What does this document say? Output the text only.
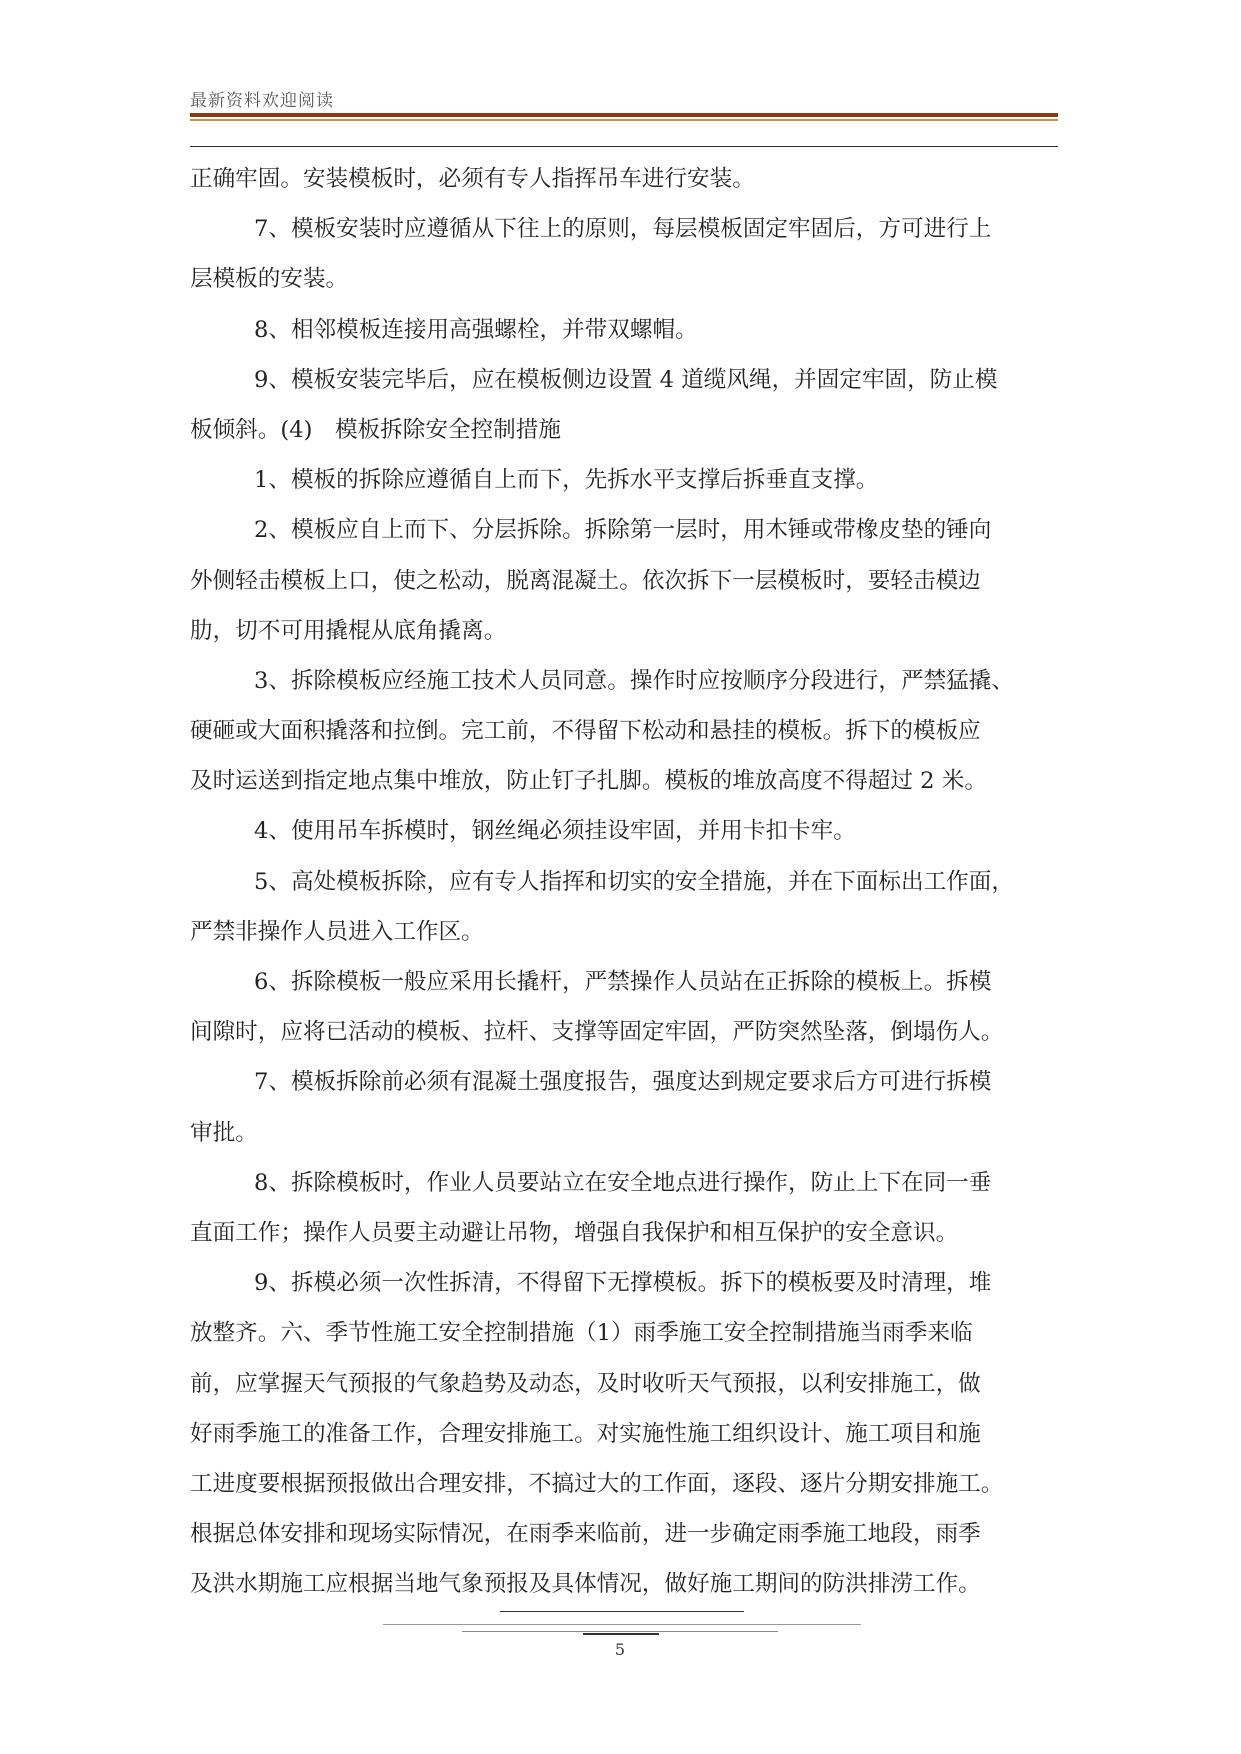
最新资料欢迎阅读
正确牢固。安装模板时，必须有专人指挥吊车进行安装。
7、模板安装时应遵循从下往上的原则，每层模板固定牢固后，方可进行上
层模板的安装。
8、相邻模板连接用高强螺栓，并带双螺帽。
9、模板安装完毕后，应在模板侧边设置 4 道缆风绳，并固定牢固，防止模
板倾斜。(4)　模板拆除安全控制措施
1、模板的拆除应遵循自上而下，先拆水平支撑后拆垂直支撑。
2、模板应自上而下、分层拆除。拆除第一层时，用木锤或带橡皮垫的锤向
外侧轻击模板上口，使之松动，脱离混凝土。依次拆下一层模板时，要轻击模边
肋，切不可用撬棍从底角撬离。
3、拆除模板应经施工技术人员同意。操作时应按顺序分段进行，严禁猛撬、
硬砸或大面积撬落和拉倒。完工前，不得留下松动和悬挂的模板。拆下的模板应
及时运送到指定地点集中堆放，防止钉子扎脚。模板的堆放高度不得超过 2 米。
4、使用吊车拆模时，钢丝绳必须挂设牢固，并用卡扣卡牢。
5、高处模板拆除，应有专人指挥和切实的安全措施，并在下面标出工作面，
严禁非操作人员进入工作区。
6、拆除模板一般应采用长撬杆，严禁操作人员站在正拆除的模板上。拆模
间隙时，应将已活动的模板、拉杆、支撑等固定牢固，严防突然坠落，倒塌伤人。
7、模板拆除前必须有混凝土强度报告，强度达到规定要求后方可进行拆模
审批。
8、拆除模板时，作业人员要站立在安全地点进行操作，防止上下在同一垂
直面工作；操作人员要主动避让吊物，增强自我保护和相互保护的安全意识。
9、拆模必须一次性拆清，不得留下无撑模板。拆下的模板要及时清理，堆
放整齐。六、季节性施工安全控制措施（1）雨季施工安全控制措施当雨季来临
前，应掌握天气预报的气象趋势及动态，及时收听天气预报，以利安排施工，做
好雨季施工的准备工作，合理安排施工。对实施性施工组织设计、施工项目和施
工进度要根据预报做出合理安排，不搞过大的工作面，逐段、逐片分期安排施工。
根据总体安排和现场实际情况，在雨季来临前，进一步确定雨季施工地段，雨季
及洪水期施工应根据当地气象预报及具体情况，做好施工期间的防洪排涝工作。
5
